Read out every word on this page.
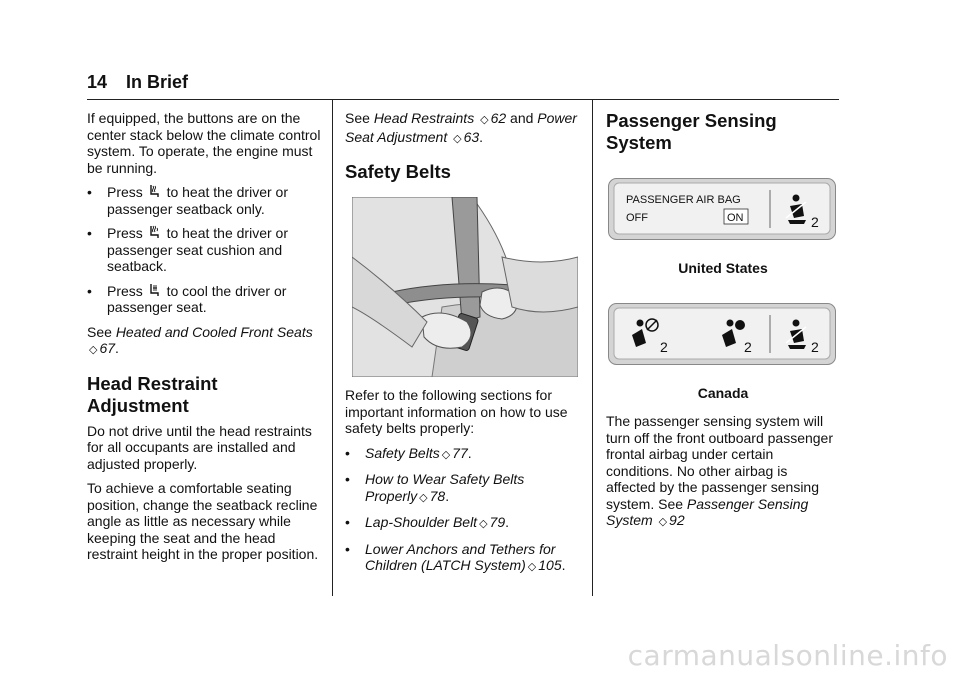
14 In Brief

If equipped, the buttons are on the center stack below the climate control system. To operate, the engine must be running.

•	Press to heat the driver or passenger seatback only.
•	Press to heat the driver or passenger seat cushion and seatback.
•	Press to cool the driver or passenger seat.

See Heated and Cooled Front Seats ◇ 67.

Head Restraint Adjustment

Do not drive until the head restraints for all occupants are installed and adjusted properly.

To achieve a comfortable seating position, change the seatback recline angle as little as necessary while keeping the seat and the head restraint height in the proper position.

See Head Restraints ◇ 62 and Power Seat Adjustment ◇ 63.

Safety Belts

Refer to the following sections for important information on how to use safety belts properly:

•	Safety Belts ◇ 77.
•	How to Wear Safety Belts Properly ◇ 78.
•	Lap-Shoulder Belt ◇ 79.
•	Lower Anchors and Tethers for Children (LATCH System) ◇ 105.
Passenger Sensing System
PASSENGER AIR BAG
OFF	ON	2

United States

2	2	2

Canada

The passenger sensing system will turn off the front outboard passenger frontal airbag under certain conditions. No other airbag is affected by the passenger sensing system. See Passenger Sensing System ◇ 92

carmanualsonline.info
